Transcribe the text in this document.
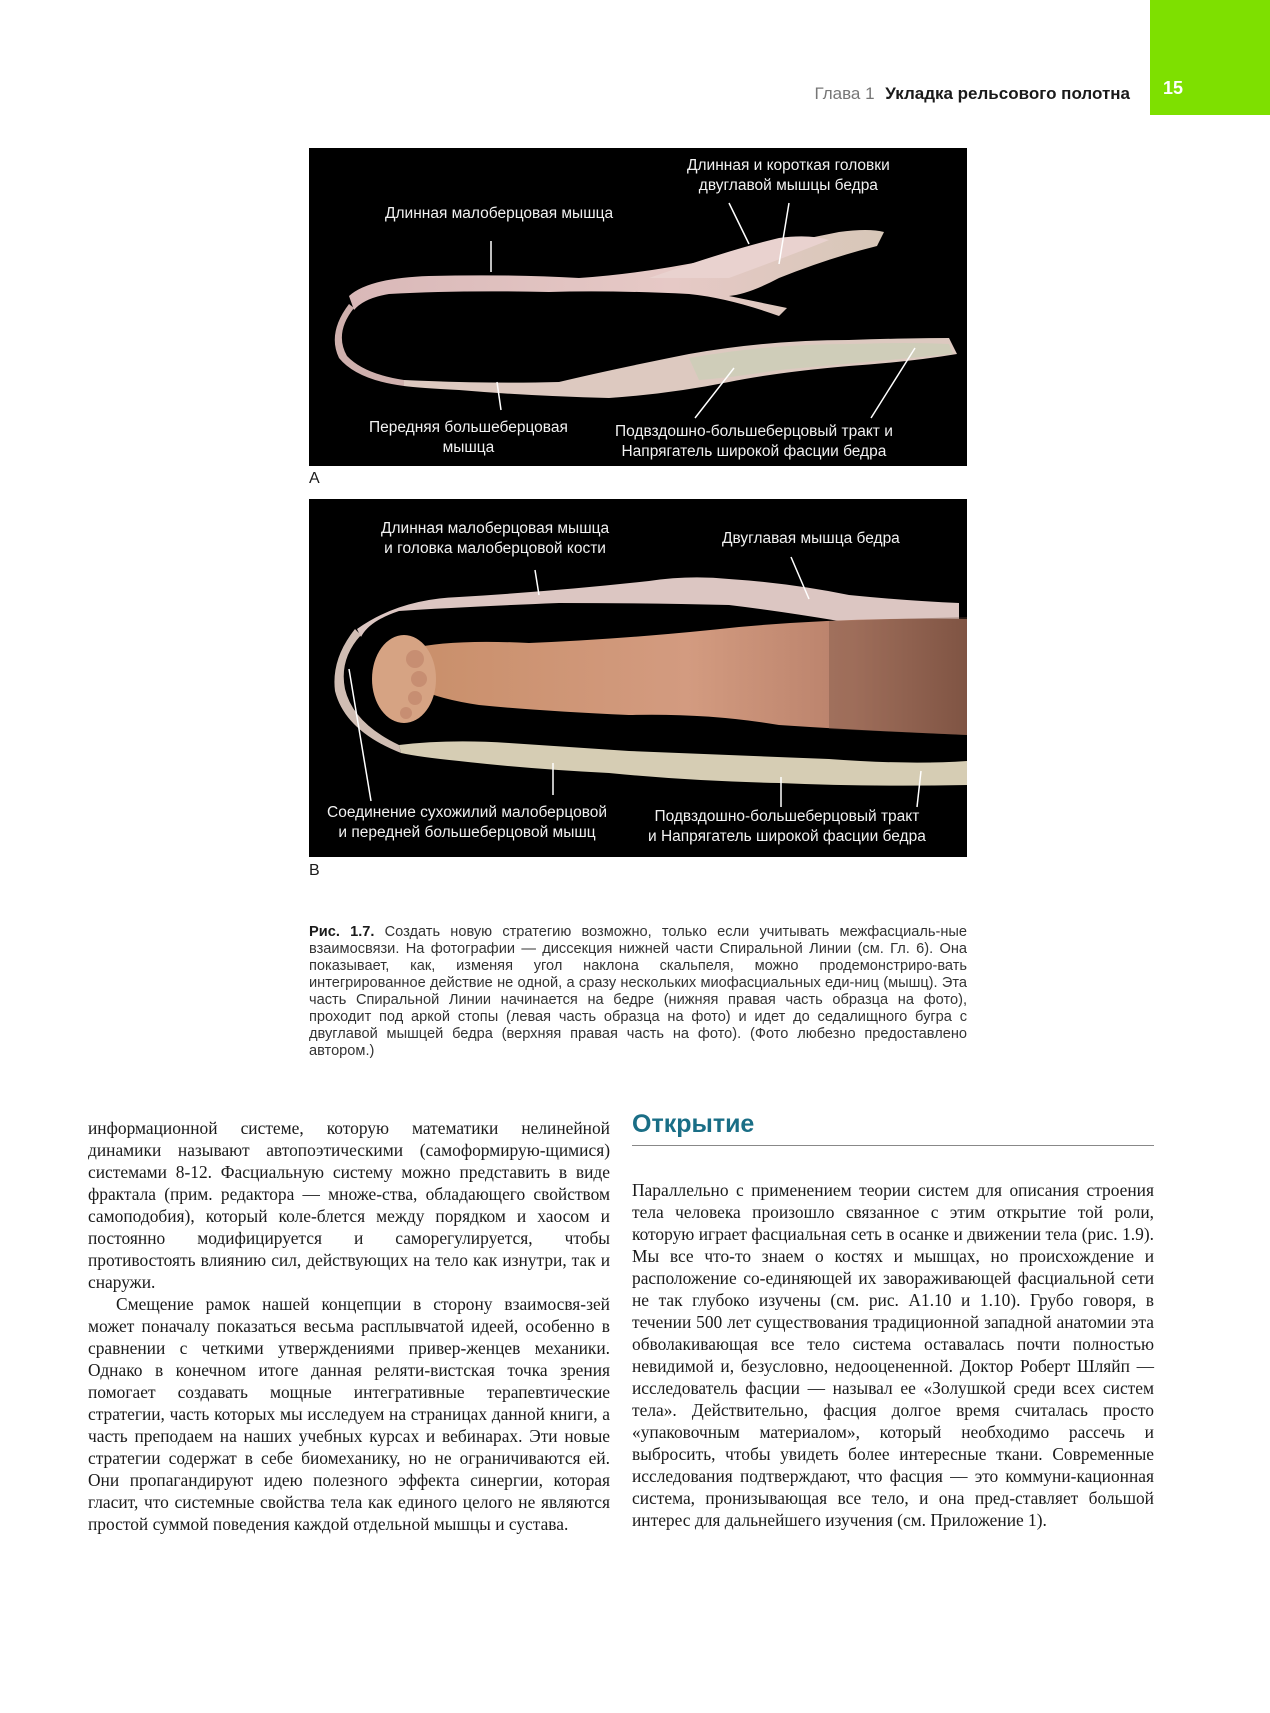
15
Глава 1 Укладка рельсового полотна
Длинная и короткая головки
двуглавой мышцы бедра
Длинная малоберцовая мышца
Передняя большеберцовая
мышца
Подвздошно-большеберцовый тракт и
Напрягатель широкой фасции бедра
A
Длинная малоберцовая мышца
и головка малоберцовой кости
Двуглавая мышца бедра
Соединение сухожилий малоберцовой
и передней большеберцовой мышц
Подвздошно-большеберцовый тракт
и Напрягатель широкой фасции бедра
B
Рис. 1.7. Создать новую стратегию возможно, только если учитывать межфасциаль-ные взаимосвязи. На фотографии — диссекция нижней части Спиральной Линии (см. Гл. 6). Она показывает, как, изменяя угол наклона скальпеля, можно продемонстриро-вать интегрированное действие не одной, а сразу нескольких миофасциальных еди-ниц (мышц). Эта часть Спиральной Линии начинается на бедре (нижняя правая часть образца на фото), проходит под аркой стопы (левая часть образца на фото) и идет до седалищного бугра с двуглавой мышцей бедра (верхняя правая часть на фото). (Фото любезно предоставлено автором.)

информационной системе, которую математики нелинейной динамики называют автопоэтическими (самоформирую-щимися) системами 8-12. Фасциальную систему можно представить в виде фрактала (прим. редактора — множе-ства, обладающего свойством самоподобия), который коле-блется между порядком и хаосом и постоянно модифицируется и саморегулируется, чтобы противостоять влиянию сил, действующих на тело как изнутри, так и снаружи.

Смещение рамок нашей концепции в сторону взаимосвя-зей может поначалу показаться весьма расплывчатой идеей, особенно в сравнении с четкими утверждениями привер-женцев механики. Однако в конечном итоге данная реляти-вистская точка зрения помогает создавать мощные интегративные терапевтические стратегии, часть которых мы исследуем на страницах данной книги, а часть преподаем на наших учебных курсах и вебинарах. Эти новые стратегии содержат в себе биомеханику, но не ограничиваются ей. Они пропагандируют идею полезного эффекта синергии, которая гласит, что системные свойства тела как единого целого не являются простой суммой поведения каждой отдельной мышцы и сустава.

Открытие

Параллельно с применением теории систем для описания строения тела человека произошло связанное с этим открытие той роли, которую играет фасциальная сеть в осанке и движении тела (рис. 1.9). Мы все что-то знаем о костях и мышцах, но происхождение и расположение со-единяющей их завораживающей фасциальной сети не так глубоко изучены (см. рис. А1.10 и 1.10). Грубо говоря, в течении 500 лет существования традиционной западной анатомии эта обволакивающая все тело система оставалась почти полностью невидимой и, безусловно, недооцененной. Доктор Роберт Шляйп — исследователь фасции — называл ее «Золушкой среди всех систем тела». Действительно, фасция долгое время считалась просто «упаковочным материалом», который необходимо рассечь и выбросить, чтобы увидеть более интересные ткани. Современные исследования подтверждают, что фасция — это коммуни-кационная система, пронизывающая все тело, и она пред-ставляет большой интерес для дальнейшего изучения (см. Приложение 1).
